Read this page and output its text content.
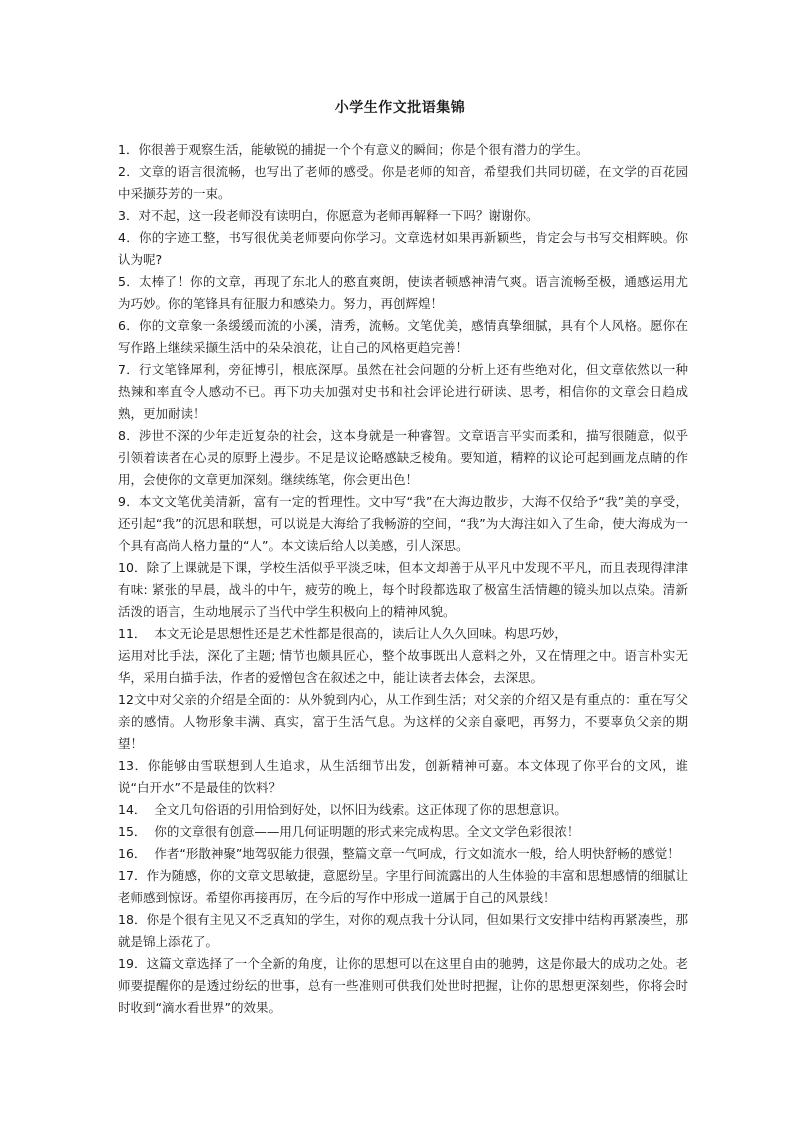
小学生作文批语集锦

1．你很善于观察生活，能敏锐的捕捉一个个有意义的瞬间；你是个很有潜力的学生。

2．文章的语言很流畅，也写出了老师的感受。你是老师的知音，希望我们共同切磋，在文学的百花园中采撷芬芳的一束。

3．对不起，这一段老师没有读明白，你愿意为老师再解释一下吗？谢谢你。

4．你的字迹工整，书写很优美老师要向你学习。文章选材如果再新颖些，肯定会与书写交相辉映。你认为呢?

5．太棒了！你的文章，再现了东北人的憨直爽朗，使读者顿感神清气爽。语言流畅至极，通感运用尤为巧妙。你的笔锋具有征服力和感染力。努力，再创辉煌！

6．你的文章象一条缓缓而流的小溪，清秀，流畅。文笔优美，感情真挚细腻，具有个人风格。愿你在写作路上继续采撷生活中的朵朵浪花，让自己的风格更趋完善！

7．行文笔锋犀利，旁征博引，根底深厚。虽然在社会问题的分析上还有些绝对化，但文章依然以一种热辣和率直令人感动不已。再下功夫加强对史书和社会评论进行研读、思考，相信你的文章会日趋成熟，更加耐读！

8．涉世不深的少年走近复杂的社会，这本身就是一种睿智。文章语言平实而柔和，描写很随意，似乎引领着读者在心灵的原野上漫步。不足是议论略感缺乏棱角。要知道，精粹的议论可起到画龙点睛的作用，会使你的文章更加深刻。继续练笔，你会更出色！

9．本文文笔优美清新，富有一定的哲理性。文中写“我”在大海边散步，大海不仅给予“我”美的享受，还引起“我”的沉思和联想，可以说是大海给了我畅游的空间，“我”为大海注如入了生命，使大海成为一个具有高尚人格力量的“人”。本文读后给人以美感，引人深思。

10．除了上课就是下课，学校生活似乎平淡乏味，但本文却善于从平凡中发现不平凡，而且表现得津津有味: 紧张的早晨，战斗的中午，疲劳的晚上，每个时段都选取了极富生活情趣的镜头加以点染。清新活泼的语言，生动地展示了当代中学生积极向上的精神风貌。

11．  本文无论是思想性还是艺术性都是很高的，读后让人久久回味。构思巧妙，
运用对比手法，深化了主题; 情节也颇具匠心，整个故事既出人意料之外，又在情理之中。语言朴实无华，采用白描手法，作者的爱憎包含在叙述之中，能让读者去体会，去深思。

12文中对父亲的介绍是全面的：从外貌到内心，从工作到生活；对父亲的介绍又是有重点的：重在写父亲的感情。人物形象丰满、真实，富于生活气息。为这样的父亲自豪吧，再努力，不要辜负父亲的期望！

13．你能够由雪联想到人生追求，从生活细节出发，创新精神可嘉。本文体现了你平台的文风，谁说“白开水”不是最佳的饮料？

14．  全文几句俗语的引用恰到好处，以怀旧为线索。这正体现了你的思想意识。

15．  你的文章很有创意——用几何证明题的形式来完成构思。全文文学色彩很浓！

16．  作者“形散神聚”地驾驭能力很强，整篇文章一气呵成，行文如流水一般，给人明快舒畅的感觉！

17．作为随感，你的文章文思敏捷，意愿纷呈。字里行间流露出的人生体验的丰富和思想感情的细腻让老师感到惊讶。希望你再接再厉，在今后的写作中形成一道属于自己的风景线！

18．你是个很有主见又不乏真知的学生，对你的观点我十分认同，但如果行文安排中结构再紧凑些，那就是锦上添花了。

19．这篇文章选择了一个全新的角度，让你的思想可以在这里自由的驰骋，这是你最大的成功之处。老师要提醒你的是透过纷纭的世事，总有一些准则可供我们处世时把握，让你的思想更深刻些，你将会时时收到“滴水看世界”的效果。
